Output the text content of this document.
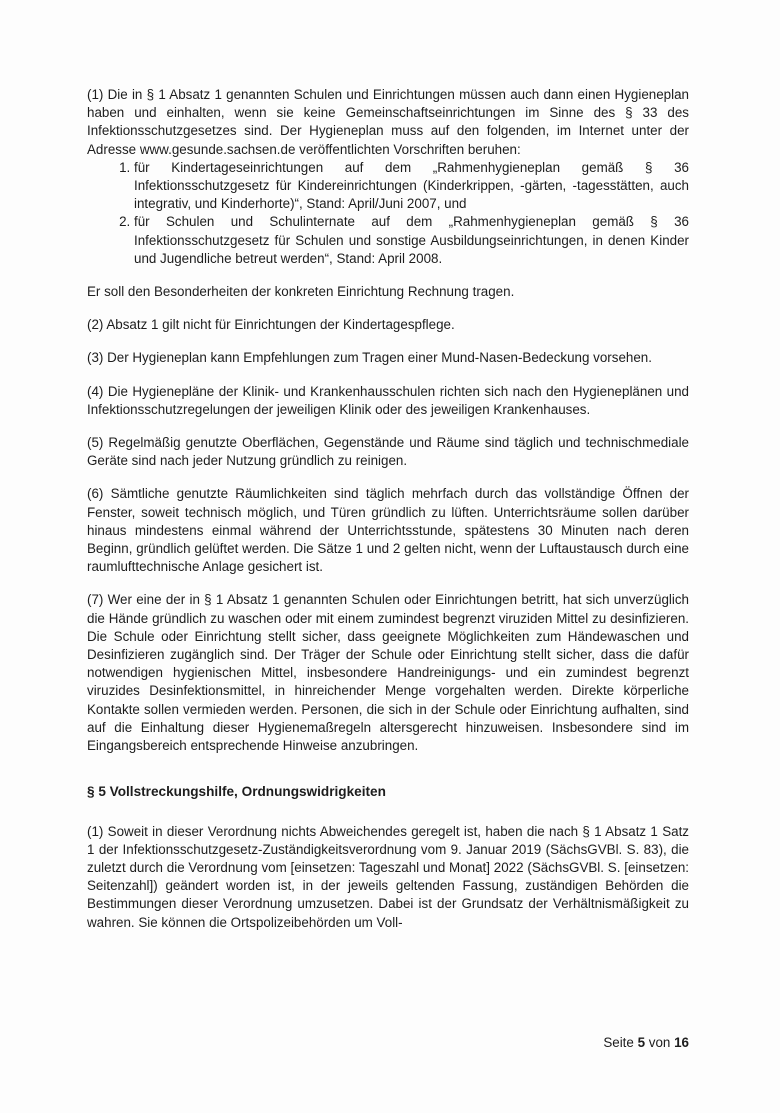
(1) Die in § 1 Absatz 1 genannten Schulen und Einrichtungen müssen auch dann einen Hygieneplan haben und einhalten, wenn sie keine Gemeinschaftseinrichtungen im Sinne des § 33 des Infektionsschutzgesetzes sind. Der Hygieneplan muss auf den folgenden, im Internet unter der Adresse www.gesunde.sachsen.de veröffentlichten Vorschriften beruhen:

1. für Kindertageseinrichtungen auf dem „Rahmenhygieneplan gemäß § 36 Infektionsschutzgesetz für Kindereinrichtungen (Kinderkrippen, -gärten, -tagesstätten, auch integrativ, und Kinderhorte)“, Stand: April/Juni 2007, und
2. für Schulen und Schulinternate auf dem „Rahmenhygieneplan gemäß § 36 Infektionsschutzgesetz für Schulen und sonstige Ausbildungseinrichtungen, in denen Kinder und Jugendliche betreut werden“, Stand: April 2008.

Er soll den Besonderheiten der konkreten Einrichtung Rechnung tragen.

(2) Absatz 1 gilt nicht für Einrichtungen der Kindertagespflege.

(3) Der Hygieneplan kann Empfehlungen zum Tragen einer Mund-Nasen-Bedeckung vorsehen.

(4) Die Hygienepläne der Klinik- und Krankenhausschulen richten sich nach den Hygieneplänen und Infektionsschutzregelungen der jeweiligen Klinik oder des jeweiligen Krankenhauses.

(5) Regelmäßig genutzte Oberflächen, Gegenstände und Räume sind täglich und technischmediale Geräte sind nach jeder Nutzung gründlich zu reinigen.

(6) Sämtliche genutzte Räumlichkeiten sind täglich mehrfach durch das vollständige Öffnen der Fenster, soweit technisch möglich, und Türen gründlich zu lüften. Unterrichtsräume sollen darüber hinaus mindestens einmal während der Unterrichtsstunde, spätestens 30 Minuten nach deren Beginn, gründlich gelüftet werden. Die Sätze 1 und 2 gelten nicht, wenn der Luftaustausch durch eine raumlufttechnische Anlage gesichert ist.

(7) Wer eine der in § 1 Absatz 1 genannten Schulen oder Einrichtungen betritt, hat sich unverzüglich die Hände gründlich zu waschen oder mit einem zumindest begrenzt viruziden Mittel zu desinfizieren. Die Schule oder Einrichtung stellt sicher, dass geeignete Möglichkeiten zum Händewaschen und Desinfizieren zugänglich sind. Der Träger der Schule oder Einrichtung stellt sicher, dass die dafür notwendigen hygienischen Mittel, insbesondere Handreinigungs- und ein zumindest begrenzt viruzides Desinfektionsmittel, in hinreichender Menge vorgehalten werden. Direkte körperliche Kontakte sollen vermieden werden. Personen, die sich in der Schule oder Einrichtung aufhalten, sind auf die Einhaltung dieser Hygienemaßregeln altersgerecht hinzuweisen. Insbesondere sind im Eingangsbereich entsprechende Hinweise anzubringen.

§ 5 Vollstreckungshilfe, Ordnungswidrigkeiten

(1) Soweit in dieser Verordnung nichts Abweichendes geregelt ist, haben die nach § 1 Absatz 1 Satz 1 der Infektionsschutzgesetz-Zuständigkeitsverordnung vom 9. Januar 2019 (SächsGVBl. S. 83), die zuletzt durch die Verordnung vom [einsetzen: Tageszahl und Monat] 2022 (SächsGVBl. S. [einsetzen: Seitenzahl]) geändert worden ist, in der jeweils geltenden Fassung, zuständigen Behörden die Bestimmungen dieser Verordnung umzusetzen. Dabei ist der Grundsatz der Verhältnismäßigkeit zu wahren. Sie können die Ortspolizeibehörden um Voll-

Seite 5 von 16
